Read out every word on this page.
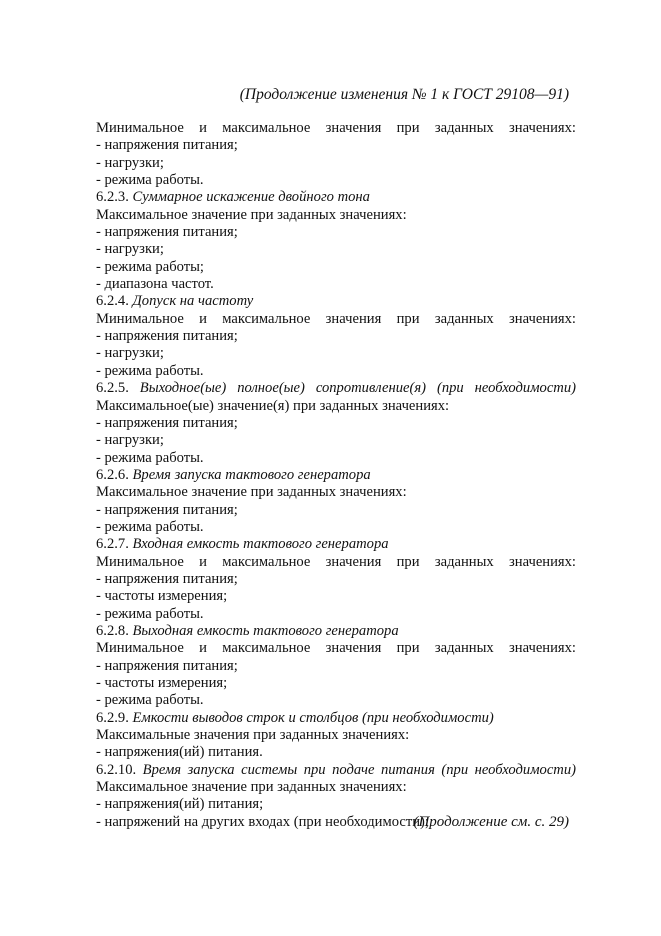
(Продолжение изменения № 1 к ГОСТ 29108—91)
Минимальное и максимальное значения при заданных значениях:
- напряжения питания;
- нагрузки;
- режима работы.
6.2.3. Суммарное искажение двойного тона
Максимальное значение при заданных значениях:
- напряжения питания;
- нагрузки;
- режима работы;
- диапазона частот.
6.2.4. Допуск на частоту
Минимальное и максимальное значения при заданных значениях:
- напряжения питания;
- нагрузки;
- режима работы.
6.2.5. Выходное(ые) полное(ые) сопротивление(я) (при необходимости)
Максимальное(ые) значение(я) при заданных значениях:
- напряжения питания;
- нагрузки;
- режима работы.
6.2.6. Время запуска тактового генератора
Максимальное значение при заданных значениях:
- напряжения питания;
- режима работы.
6.2.7. Входная емкость тактового генератора
Минимальное и максимальное значения при заданных значениях:
- напряжения питания;
- частоты измерения;
- режима работы.
6.2.8. Выходная емкость тактового генератора
Минимальное и максимальное значения при заданных значениях:
- напряжения питания;
- частоты измерения;
- режима работы.
6.2.9. Емкости выводов строк и столбцов (при необходимости)
Максимальные значения при заданных значениях:
- напряжения(ий) питания.
6.2.10. Время запуска системы при подаче питания (при необходимости)
Максимальное значение при заданных значениях:
- напряжения(ий) питания;
- напряжений на других входах (при необходимости);
(Продолжение см. с. 29)
